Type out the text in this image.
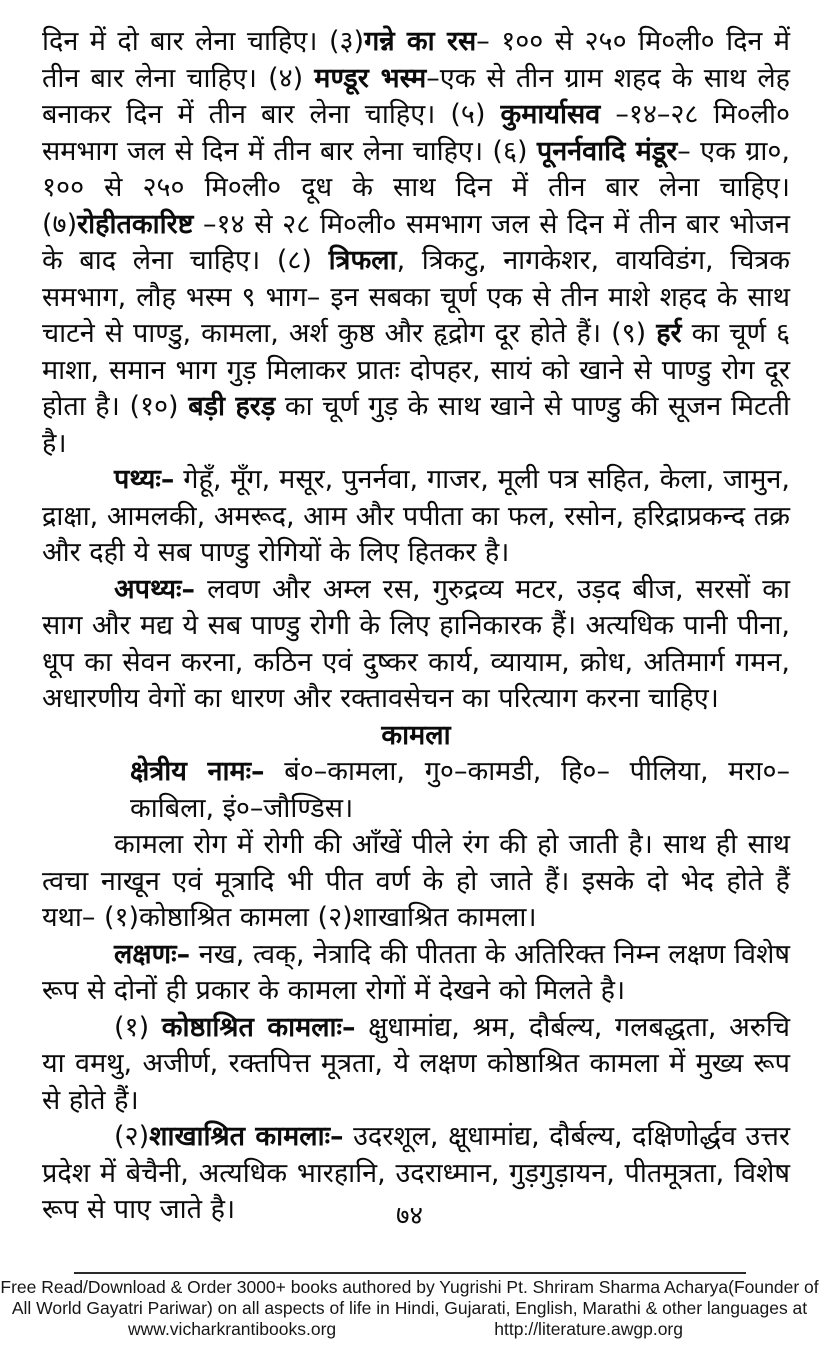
दिन में दो बार लेना चाहिए। (३)गन्ने का रस– १०० से २५० मि०ली० दिन में तीन बार लेना चाहिए। (४) मण्डूर भस्म–एक से तीन ग्राम शहद के साथ लेह बनाकर दिन में तीन बार लेना चाहिए। (५) कुमार्यासव –१४–२८ मि०ली० समभाग जल से दिन में तीन बार लेना चाहिए। (६) पूनर्नवादि मंडूर– एक ग्रा०, १०० से २५० मि०ली० दूध के साथ दिन में तीन बार लेना चाहिए। (७)रोहीतकारिष्ट –१४ से २८ मि०ली० समभाग जल से दिन में तीन बार भोजन के बाद लेना चाहिए। (८) त्रिफला, त्रिकटु, नागकेशर, वायविडंग, चित्रक समभाग, लौह भस्म ९ भाग– इन सबका चूर्ण एक से तीन माशे शहद के साथ चाटने से पाण्डु, कामला, अर्श कुष्ठ और हृद्रोग दूर होते हैं। (९) हर्र का चूर्ण ६ माशा, समान भाग गुड़ मिलाकर प्रातः दोपहर, सायं को खाने से पाण्डु रोग दूर होता है। (१०) बड़ी हरड़ का चूर्ण गुड़ के साथ खाने से पाण्डु की सूजन मिटती है।

पथ्यः– गेहूँ, मूँग, मसूर, पुनर्नवा, गाजर, मूली पत्र सहित, केला, जामुन, द्राक्षा, आमलकी, अमरूद, आम और पपीता का फल, रसोन, हरिद्राप्रकन्द तक्र और दही ये सब पाण्डु रोगियों के लिए हितकर है।

अपथ्यः– लवण और अम्ल रस, गुरुद्रव्य मटर, उड़द बीज, सरसों का साग और मद्य ये सब पाण्डु रोगी के लिए हानिकारक हैं। अत्यधिक पानी पीना, धूप का सेवन करना, कठिन एवं दुष्कर कार्य, व्यायाम, क्रोध, अतिमार्ग गमन, अधारणीय वेगों का धारण और रक्तावसेचन का परित्याग करना चाहिए।

कामला

क्षेत्रीय नामः– बं०–कामला, गु०–कामडी, हि०– पीलिया, मरा०– काबिला, इं०–जौण्डिस।

कामला रोग में रोगी की आँखें पीले रंग की हो जाती है। साथ ही साथ त्वचा नाखून एवं मूत्रादि भी पीत वर्ण के हो जाते हैं। इसके दो भेद होते हैं यथा– (१)कोष्ठाश्रित कामला (२)शाखाश्रित कामला।

लक्षणः– नख, त्वक्, नेत्रादि की पीतता के अतिरिक्त निम्न लक्षण विशेष रूप से दोनों ही प्रकार के कामला रोगों में देखने को मिलते है।

(१) कोष्ठाश्रित कामलाः– क्षुधामांद्य, श्रम, दौर्बल्य, गलबद्धता, अरुचि या वमथु, अजीर्ण, रक्तपित्त मूत्रता, ये लक्षण कोष्ठाश्रित कामला में मुख्य रूप से होते हैं।

(२)शाखाश्रित कामलाः– उदरशूल, क्षूधामांद्य, दौर्बल्य, दक्षिणोर्द्धव उत्तर प्रदेश में बेचैनी, अत्यधिक भारहानि, उदराध्मान, गुड़गुड़ायन, पीतमूत्रता, विशेष रूप से पाए जाते है।	७४
Free Read/Download & Order 3000+ books authored by Yugrishi Pt. Shriram Sharma Acharya(Founder of
All World Gayatri Pariwar) on all aspects of life in Hindi, Gujarati, English, Marathi & other languages at
www.vicharkrantibooks.org	http://literature.awgp.org
